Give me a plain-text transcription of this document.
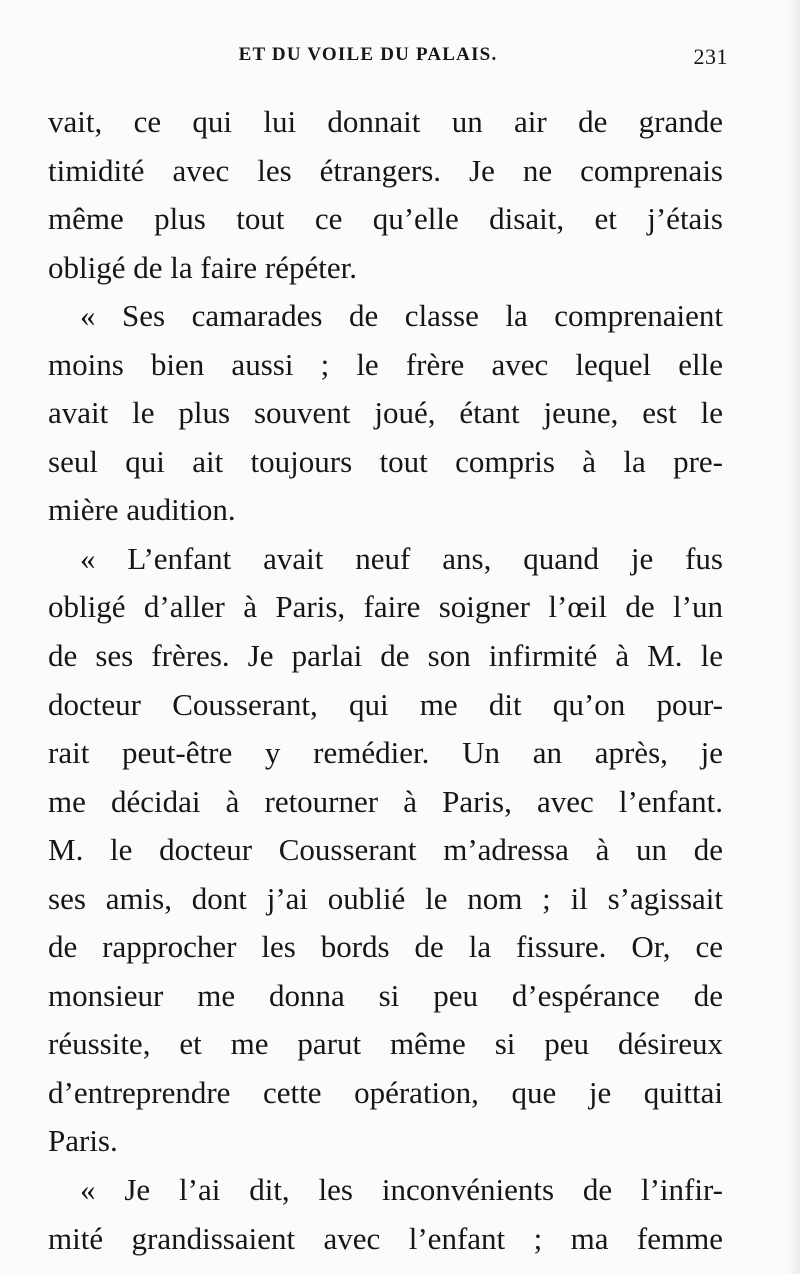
ET DU VOILE DU PALAIS.	231
vait, ce qui lui donnait un air de grande
timidité avec les étrangers. Je ne comprenais
même plus tout ce qu’elle disait, et j’étais
obligé de la faire répéter.
« Ses camarades de classe la comprenaient
moins bien aussi ; le frère avec lequel elle
avait le plus souvent joué, étant jeune, est le
seul qui ait toujours tout compris à la pre-
mière audition.
« L’enfant avait neuf ans, quand je fus
obligé d’aller à Paris, faire soigner l’œil de l’un
de ses frères. Je parlai de son infirmité à M. le
docteur Cousserant, qui me dit qu’on pour-
rait peut-être y remédier. Un an après, je
me décidai à retourner à Paris, avec l’enfant.
M. le docteur Cousserant m’adressa à un de
ses amis, dont j’ai oublié le nom ; il s’agissait
de rapprocher les bords de la fissure. Or, ce
monsieur me donna si peu d’espérance de
réussite, et me parut même si peu désireux
d’entreprendre cette opération, que je quittai
Paris.
« Je l’ai dit, les inconvénients de l’infir-
mité grandissaient avec l’enfant ; ma femme
